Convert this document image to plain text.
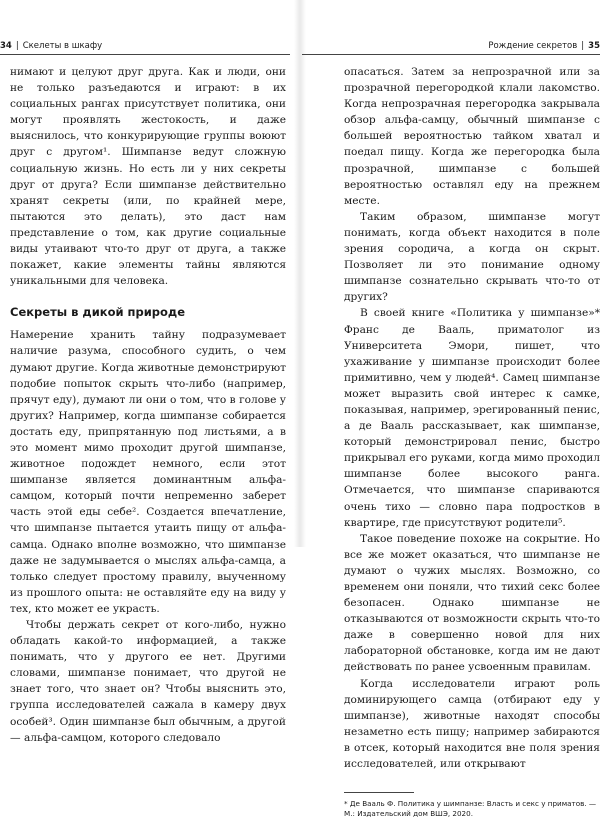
34 | Скелеты в шкафу

нимают и целуют друг друга. Как и люди, они не только разъедаются и играют: в их социальных рангах присутствует политика, они могут проявлять жестокость, и даже выяснилось, что конкурирующие группы воюют друг с другом¹. Шимпанзе ведут сложную социальную жизнь. Но есть ли у них секреты друг от друга? Если шимпанзе действительно хранят секреты (или, по крайней мере, пытаются это делать), это даст нам представление о том, как другие социальные виды утаивают что-то друг от друга, а также покажет, какие элементы тайны являются уникальными для человека.

Секреты в дикой природе

Намерение хранить тайну подразумевает наличие разума, способного судить, о чем думают другие. Когда животные демонстрируют подобие попыток скрыть что-либо (например, прячут еду), думают ли они о том, что в голове у других? Например, когда шимпанзе собирается достать еду, припрятанную под листьями, а в это момент мимо проходит другой шимпанзе, животное подождет немного, если этот шимпанзе является доминантным альфа-самцом, который почти непременно заберет часть этой еды себе². Создается впечатление, что шимпанзе пытается утаить пищу от альфа-самца. Однако вполне возможно, что шимпанзе даже не задумывается о мыслях альфа-самца, а только следует простому правилу, выученному из прошлого опыта: не оставляйте еду на виду у тех, кто может ее украсть.

Чтобы держать секрет от кого-либо, нужно обладать какой-то информацией, а также понимать, что у другого ее нет. Другими словами, шимпанзе понимает, что другой не знает того, что знает он? Чтобы выяснить это, группа исследователей сажала в камеру двух особей³. Один шимпанзе был обычным, а другой — альфа-самцом, которого следовало

Рождение секретов | 35

опасаться. Затем за непрозрачной или за прозрачной перегородкой клали лакомство. Когда непрозрачная перегородка закрывала обзор альфа-самцу, обычный шимпанзе с большей вероятностью тайком хватал и поедал пищу. Когда же перегородка была прозрачной, шимпанзе с большей вероятностью оставлял еду на прежнем месте.

Таким образом, шимпанзе могут понимать, когда объект находится в поле зрения сородича, а когда он скрыт. Позволяет ли это понимание одному шимпанзе сознательно скрывать что-то от других?

В своей книге «Политика у шимпанзе»* Франс де Вааль, приматолог из Университета Эмори, пишет, что ухаживание у шимпанзе происходит более примитивно, чем у людей⁴. Самец шимпанзе может выразить свой интерес к самке, показывая, например, эрегированный пенис, а де Вааль рассказывает, как шимпанзе, который демонстрировал пенис, быстро прикрывал его руками, когда мимо проходил шимпанзе более высокого ранга. Отмечается, что шимпанзе спариваются очень тихо — словно пара подростков в квартире, где присутствуют родители⁵.

Такое поведение похоже на сокрытие. Но все же может оказаться, что шимпанзе не думают о чужих мыслях. Возможно, со временем они поняли, что тихий секс более безопасен. Однако шимпанзе не отказываются от возможности скрыть что-то даже в совершенно новой для них лабораторной обстановке, когда им не дают действовать по ранее усвоенным правилам.

Когда исследователи играют роль доминирующего самца (отбирают еду у шимпанзе), животные находят способы незаметно есть пищу; например забираются в отсек, который находится вне поля зрения исследователей, или открывают

* Де Вааль Ф. Политика у шимпанзе: Власть и секс у приматов. — М.: Издательский дом ВШЭ, 2020.
